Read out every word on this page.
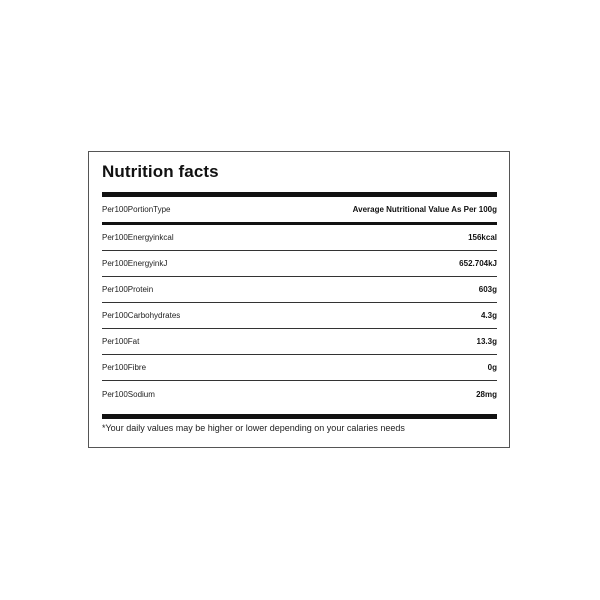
Nutrition facts
Per100PortionType	Average Nutritional Value As Per 100g
Per100Energyinkcal	156kcal
Per100EnergyinkJ	652.704kJ
Per100Protein	603g
Per100Carbohydrates	4.3g
Per100Fat	13.3g
Per100Fibre	0g
Per100Sodium	28mg

*Your daily values may be higher or lower depending on your calaries needs
